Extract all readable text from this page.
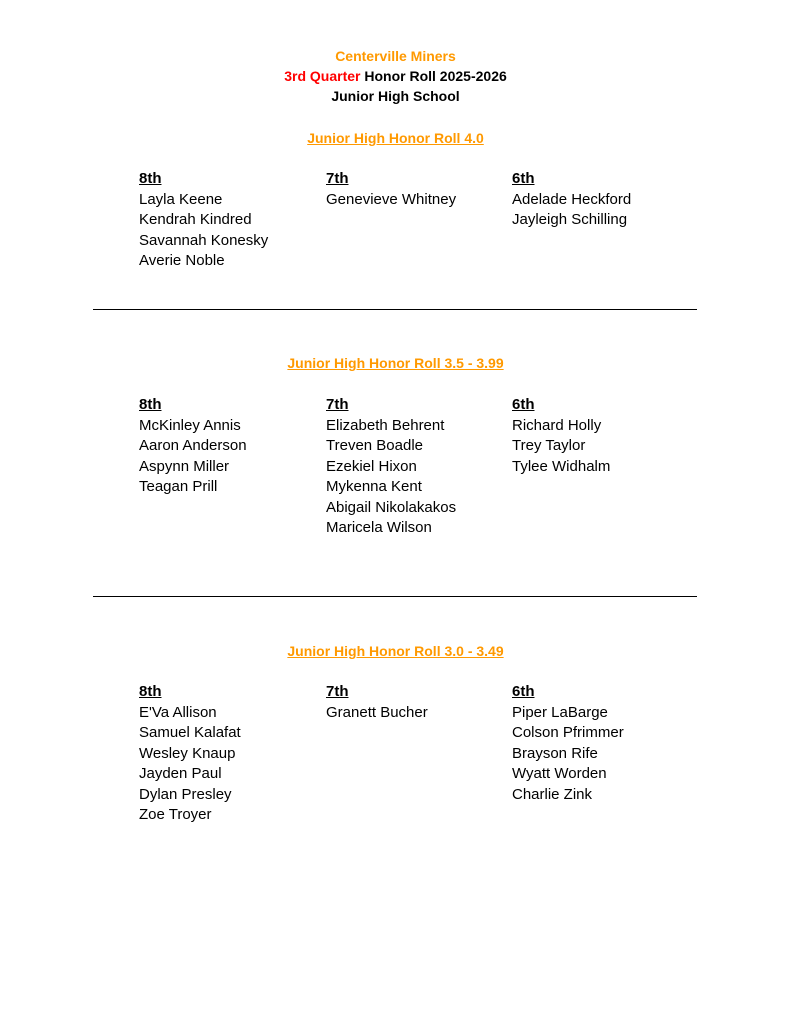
Centerville Miners
3rd Quarter Honor Roll 2025-2026
Junior High School
Junior High Honor Roll 4.0
8th
Layla Keene
Kendrah Kindred
Savannah Konesky
Averie Noble
7th
Genevieve Whitney
6th
Adelade Heckford
Jayleigh Schilling
Junior High Honor Roll 3.5 - 3.99
8th
McKinley Annis
Aaron Anderson
Aspynn Miller
Teagan Prill
7th
Elizabeth Behrent
Treven Boadle
Ezekiel Hixon
Mykenna Kent
Abigail Nikolakakos
Maricela Wilson
6th
Richard Holly
Trey Taylor
Tylee Widhalm
Junior High Honor Roll 3.0 - 3.49
8th
E'Va Allison
Samuel Kalafat
Wesley Knaup
Jayden Paul
Dylan Presley
Zoe Troyer
7th
Granett Bucher
6th
Piper LaBarge
Colson Pfrimmer
Brayson Rife
Wyatt Worden
Charlie Zink
